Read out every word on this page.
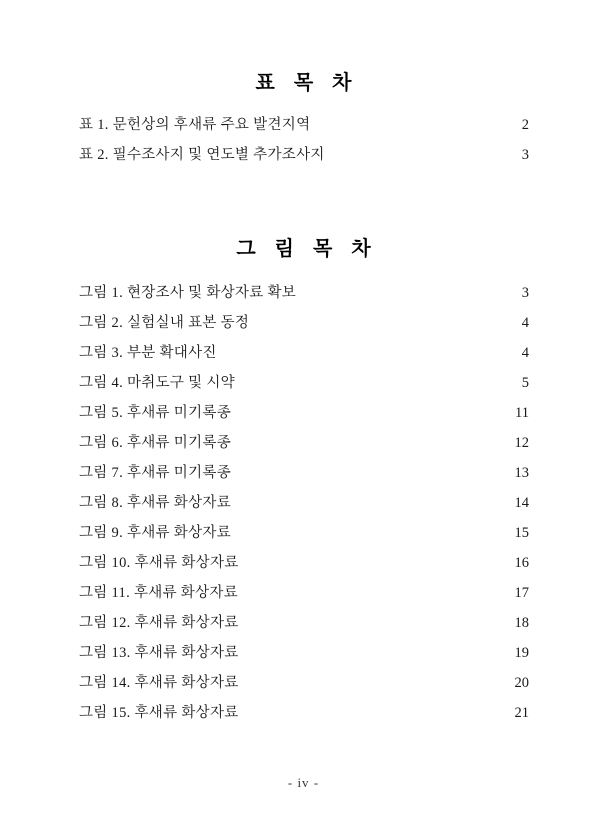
표 목 차
표 1. 문헌상의 후새류 주요 발견지역 ·····	2
표 2. 필수조사지 및 연도별 추가조사지 ·····	3
그 림 목 차
그림 1. 현장조사 및 화상자료 확보 ·····	3
그림 2. 실험실내 표본 동정 ·····	4
그림 3. 부분 확대사진 ·····	4
그림 4. 마취도구 및 시약 ·····	5
그림 5. 후새류 미기록종 ·····	11
그림 6. 후새류 미기록종 ·····	12
그림 7. 후새류 미기록종 ·····	13
그림 8. 후새류 화상자료 ·····	14
그림 9. 후새류 화상자료 ·····	15
그림 10. 후새류 화상자료 ·····	16
그림 11. 후새류 화상자료 ·····	17
그림 12. 후새류 화상자료 ·····	18
그림 13. 후새류 화상자료 ·····	19
그림 14. 후새류 화상자료 ·····	20
그림 15. 후새류 화상자료 ·····	21
- iv -
